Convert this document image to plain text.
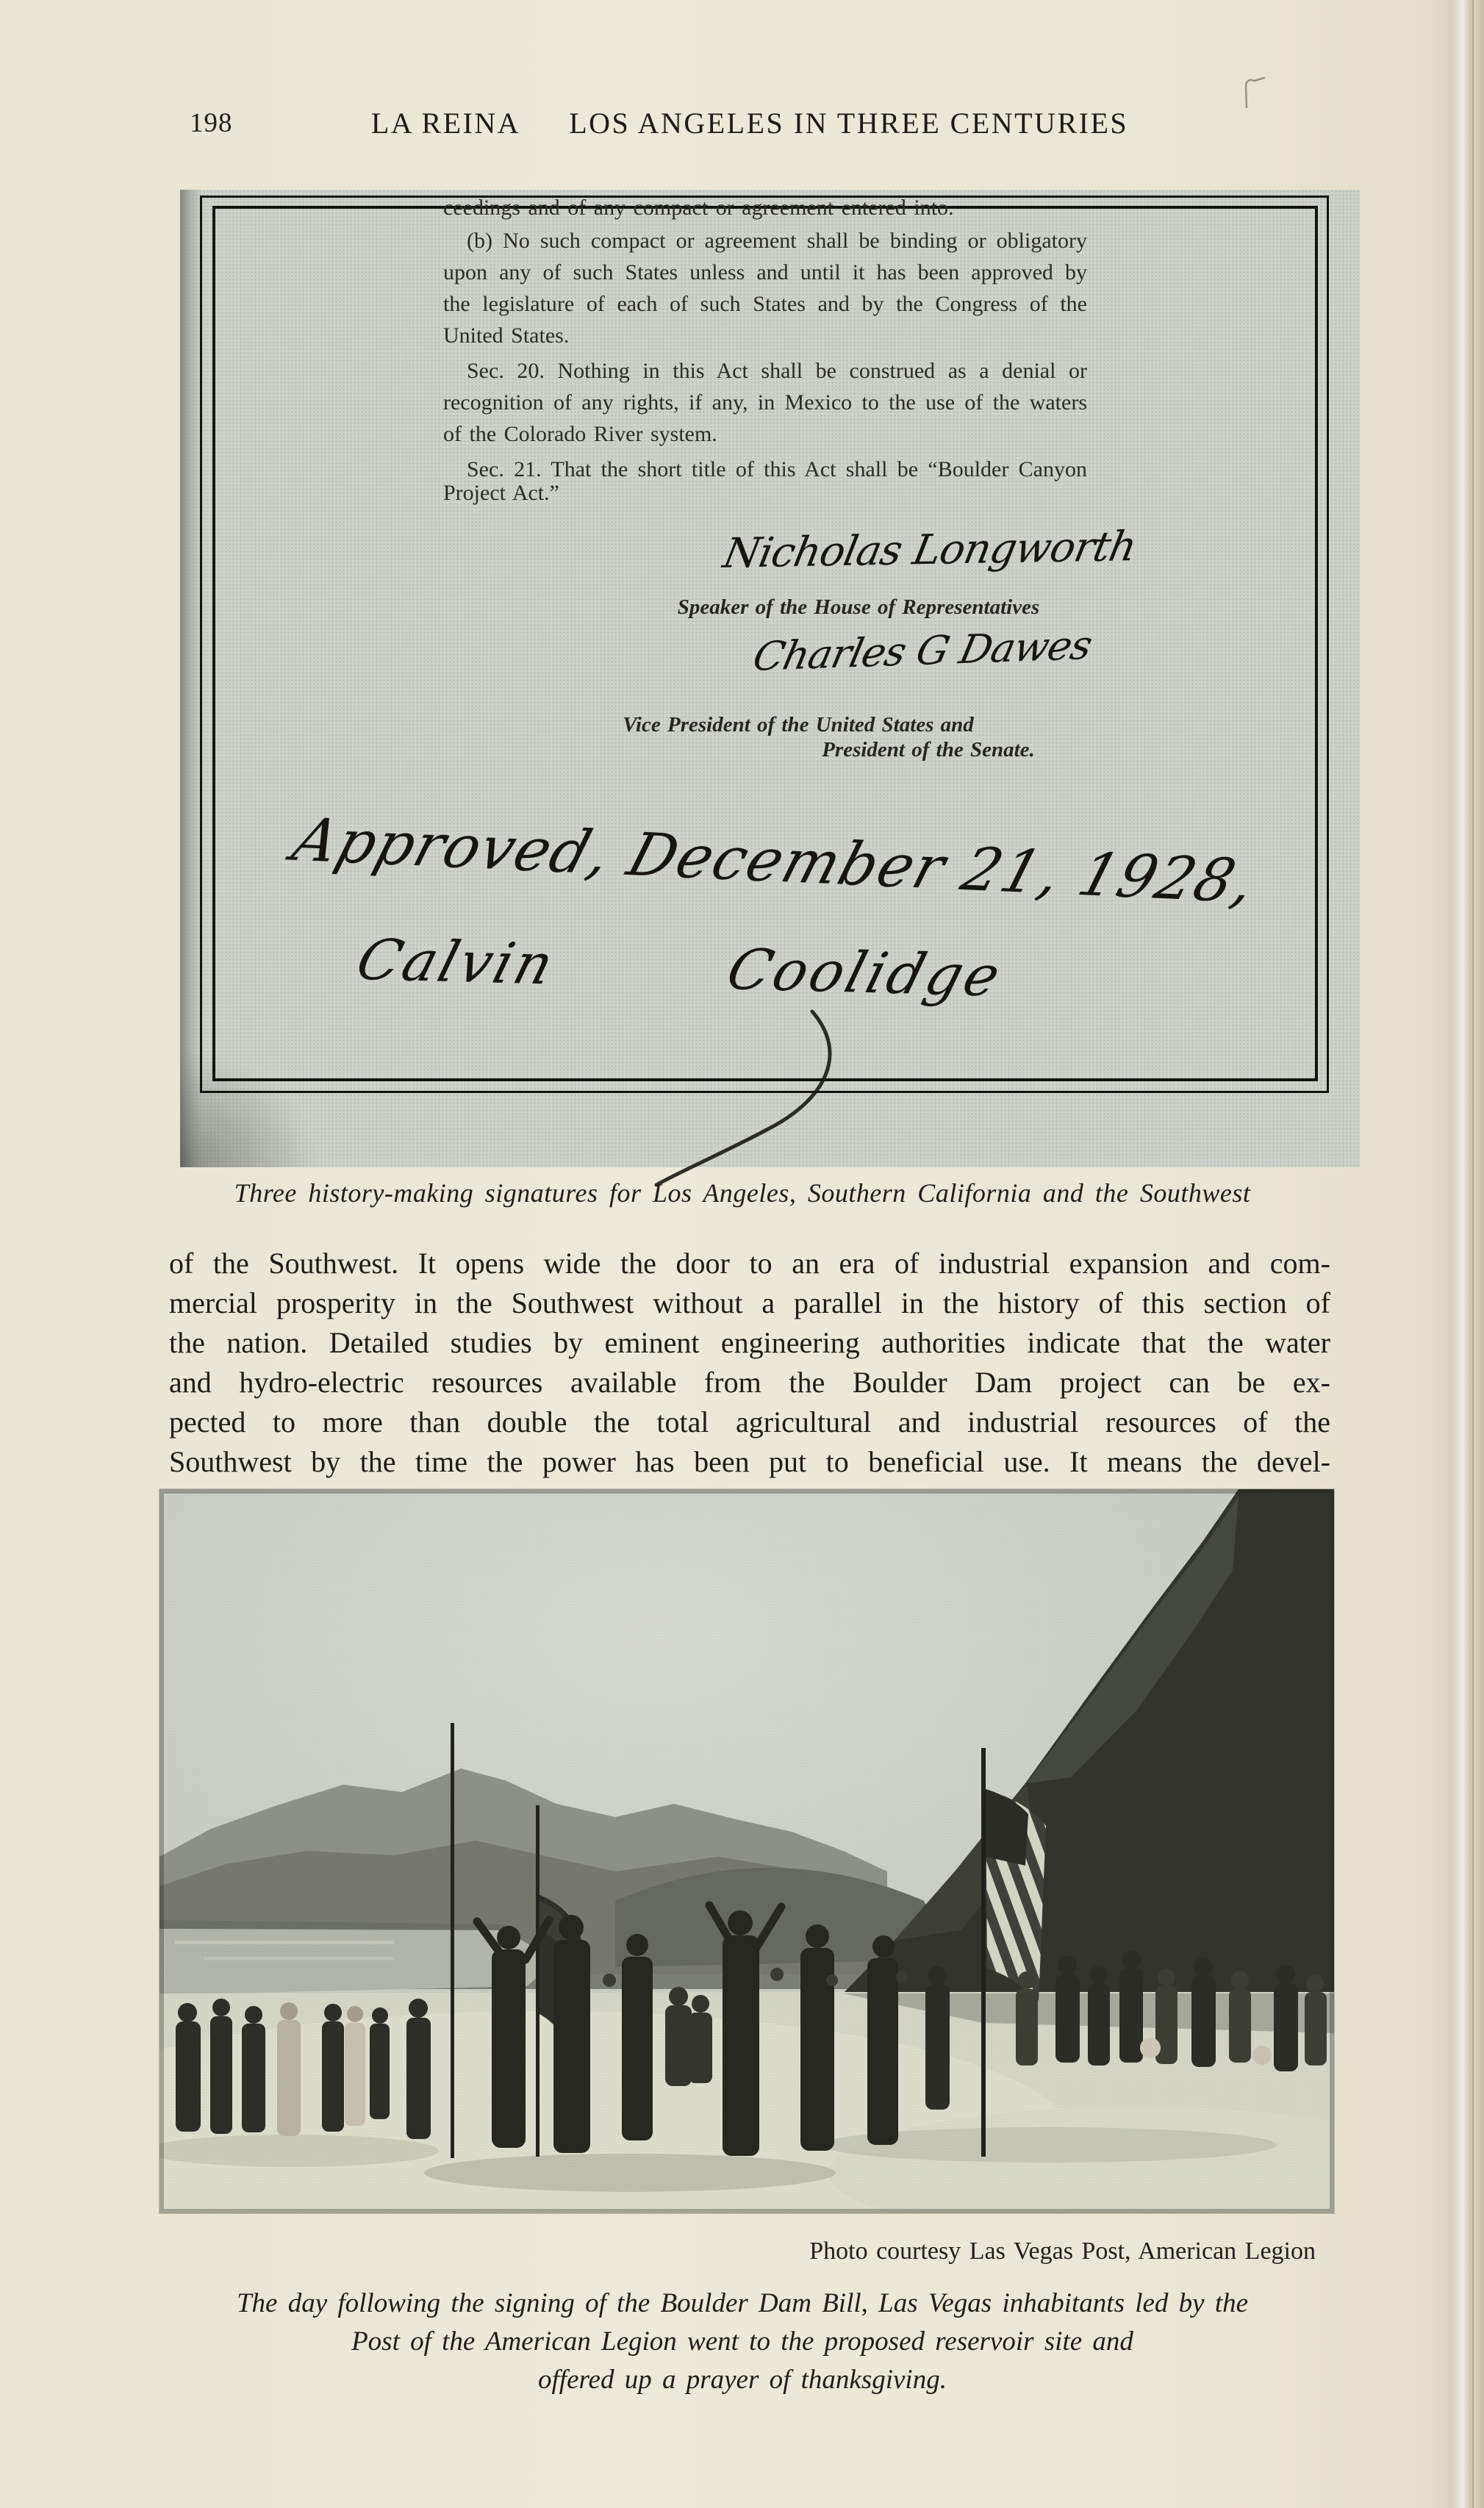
198	LA REINA LOS ANGELES IN THREE CENTURIES
ceedings and of any compact or agreement entered into.
(b) No such compact or agreement shall be binding or obligatory
upon any of such States unless and until it has been approved by
the legislature of each of such States and by the Congress of the
United States.
Sec. 20. Nothing in this Act shall be construed as a denial or
recognition of any rights, if any, in Mexico to the use of the waters
of the Colorado River system.
Sec. 21. That the short title of this Act shall be “Boulder Canyon
Project Act.”
Nicholas Longworth
Speaker of the House of Representatives
Charles G Dawes
Vice President of the United States and
President of the Senate.
Approved, December 21, 1928,
Calvin Coolidge
Three history-making signatures for Los Angeles, Southern California and the Southwest
of the Southwest. It opens wide the door to an era of industrial expansion and com-
mercial prosperity in the Southwest without a parallel in the history of this section of
the nation. Detailed studies by eminent engineering authorities indicate that the water
and hydro-electric resources available from the Boulder Dam project can be ex-
pected to more than double the total agricultural and industrial resources of the
Southwest by the time the power has been put to beneficial use. It means the devel-
Photo courtesy Las Vegas Post, American Legion
The day following the signing of the Boulder Dam Bill, Las Vegas inhabitants led by the
Post of the American Legion went to the proposed reservoir site and
offered up a prayer of thanksgiving.
